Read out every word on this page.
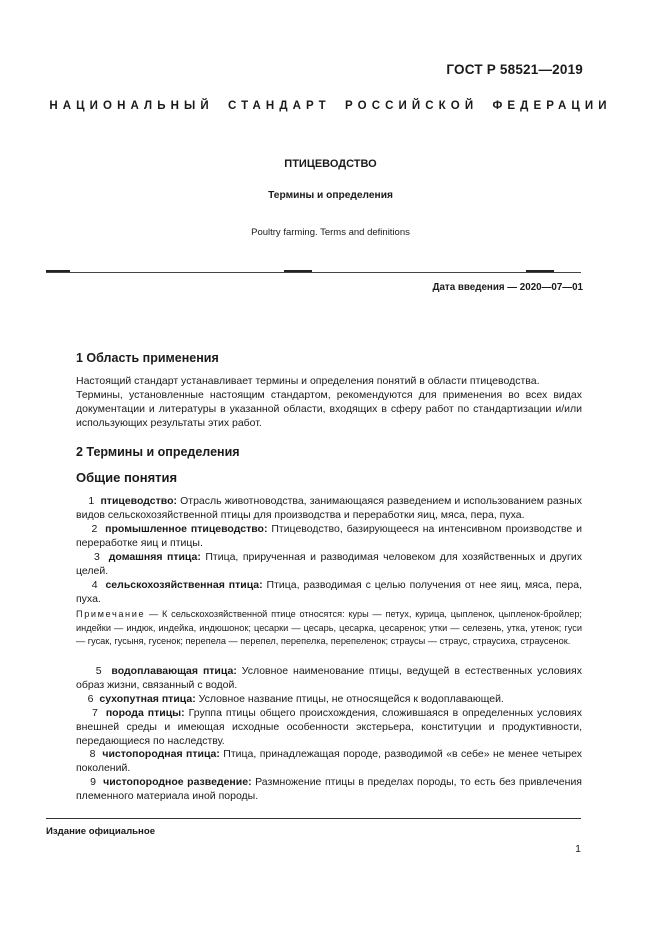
ГОСТ Р 58521—2019
НАЦИОНАЛЬНЫЙ СТАНДАРТ РОССИЙСКОЙ ФЕДЕРАЦИИ
ПТИЦЕВОДСТВО
Термины и определения
Poultry farming. Terms and definitions
Дата введения — 2020—07—01
1 Область применения

Настоящий стандарт устанавливает термины и определения понятий в области птицеводства.

Термины, установленные настоящим стандартом, рекомендуются для применения во всех видах документации и литературы в указанной области, входящих в сферу работ по стандартизации и/или использующих результаты этих работ.

2 Термины и определения
Общие понятия

1 птицеводство: Отрасль животноводства, занимающаяся разведением и использованием разных видов сельскохозяйственной птицы для производства и переработки яиц, мяса, пера, пуха.

2 промышленное птицеводство: Птицеводство, базирующееся на интенсивном производстве и переработке яиц и птицы.

3 домашняя птица: Птица, прирученная и разводимая человеком для хозяйственных и других целей.

4 сельскохозяйственная птица: Птица, разводимая с целью получения от нее яиц, мяса, пера, пуха.

Примечание — К сельскохозяйственной птице относятся: куры — петух, курица, цыпленок, цыпленок-бройлер; индейки — индюк, индейка, индюшонок; цесарки — цесарь, цесарка, цесаренок; утки — селезень, утка, утенок; гуси — гусак, гусыня, гусенок; перепела — перепел, перепелка, перепеленок; страусы — страус, страусиха, страусенок.

5 водоплавающая птица: Условное наименование птицы, ведущей в естественных условиях образ жизни, связанный с водой.

6 сухопутная птица: Условное название птицы, не относящейся к водоплавающей.

7 порода птицы: Группа птицы общего происхождения, сложившаяся в определенных условиях внешней среды и имеющая исходные особенности экстерьера, конституции и продуктивности, передающиеся по наследству.

8 чистопородная птица: Птица, принадлежащая породе, разводимой «в себе» не менее четырех поколений.

9 чистопородное разведение: Размножение птицы в пределах породы, то есть без привлечения племенного материала иной породы.

Издание официальное
1
